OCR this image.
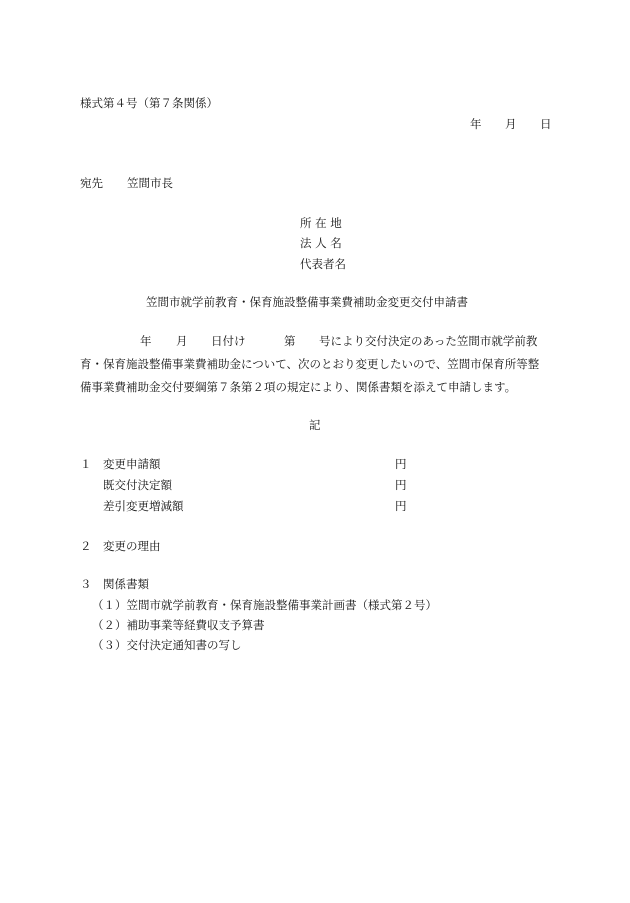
様式第４号（第７条関係）
年 月 日
宛先 笠間市長
所 在 地
法 人 名
代表者名
笠間市就学前教育・保育施設整備事業費補助金変更交付申請書
年 月 日付け	第 号により交付決定のあった笠間市就学前教
育・保育施設整備事業費補助金について、次のとおり変更したいので、笠間市保育所等整
備事業費補助金交付要綱第７条第２項の規定により、関係書類を添えて申請します。
記
１ 変更申請額	円
既交付決定額	円
差引変更増減額	円
２ 変更の理由
３ 関係書類
（１）笠間市就学前教育・保育施設整備事業計画書（様式第２号）
（２）補助事業等経費収支予算書
（３）交付決定通知書の写し
